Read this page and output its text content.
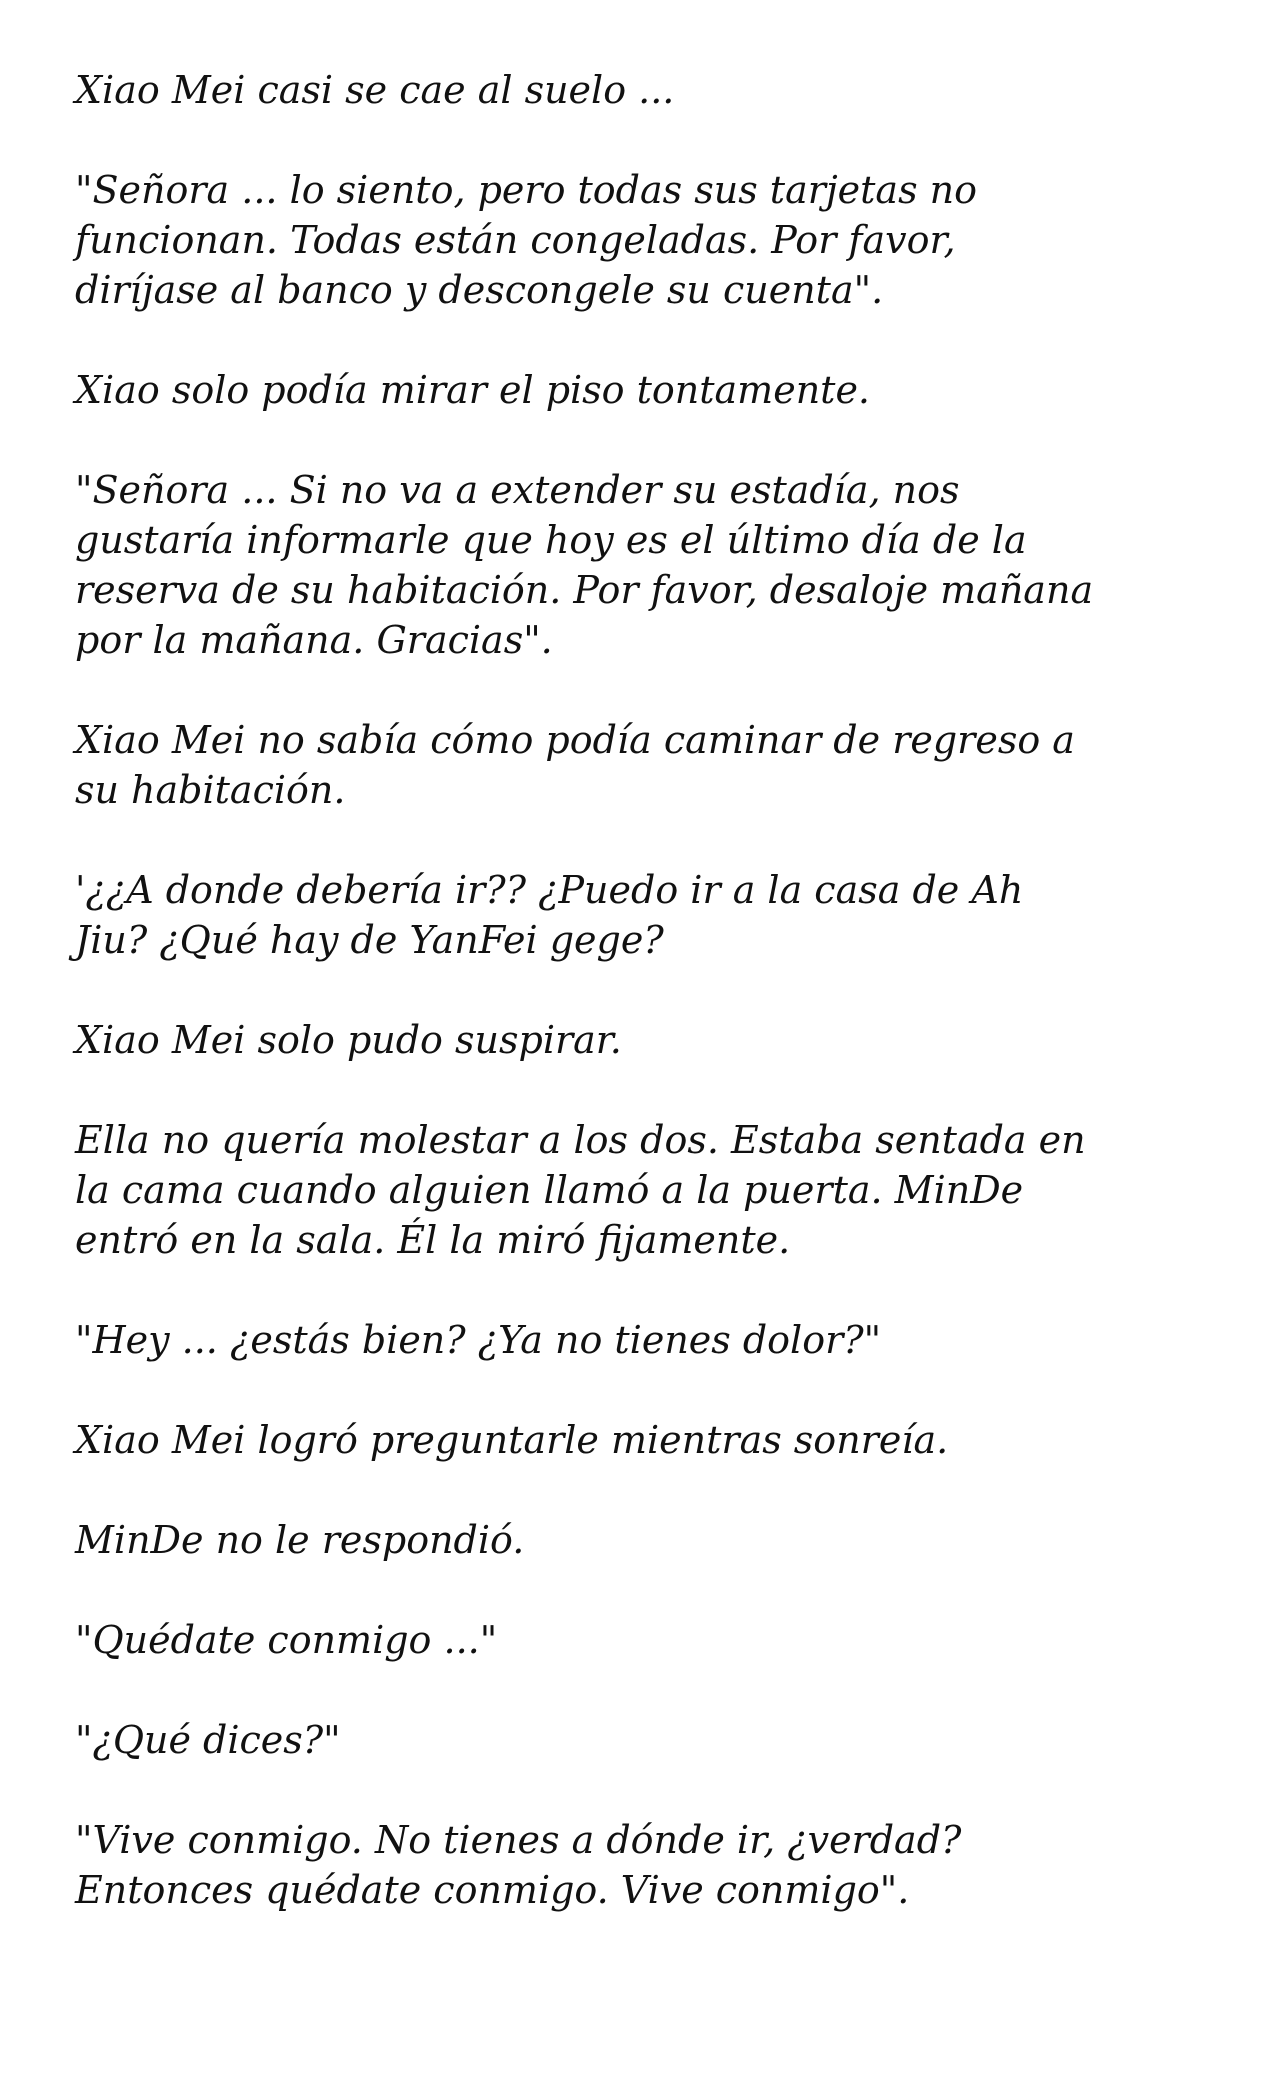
Xiao Mei casi se cae al suelo ...

"Señora ... lo siento, pero todas sus tarjetas no
funcionan. Todas están congeladas. Por favor,
diríjase al banco y descongele su cuenta".

Xiao solo podía mirar el piso tontamente.

"Señora ... Si no va a extender su estadía, nos
gustaría informarle que hoy es el último día de la
reserva de su habitación. Por favor, desaloje mañana
por la mañana. Gracias".

Xiao Mei no sabía cómo podía caminar de regreso a
su habitación.

'¿¿A donde debería ir?? ¿Puedo ir a la casa de Ah
Jiu? ¿Qué hay de YanFei gege?

Xiao Mei solo pudo suspirar.

Ella no quería molestar a los dos. Estaba sentada en
la cama cuando alguien llamó a la puerta. MinDe
entró en la sala. Él la miró fijamente.

"Hey ... ¿estás bien? ¿Ya no tienes dolor?"

Xiao Mei logró preguntarle mientras sonreía.

MinDe no le respondió.

"Quédate conmigo ..."

"¿Qué dices?"

"Vive conmigo. No tienes a dónde ir, ¿verdad?
Entonces quédate conmigo. Vive conmigo".
